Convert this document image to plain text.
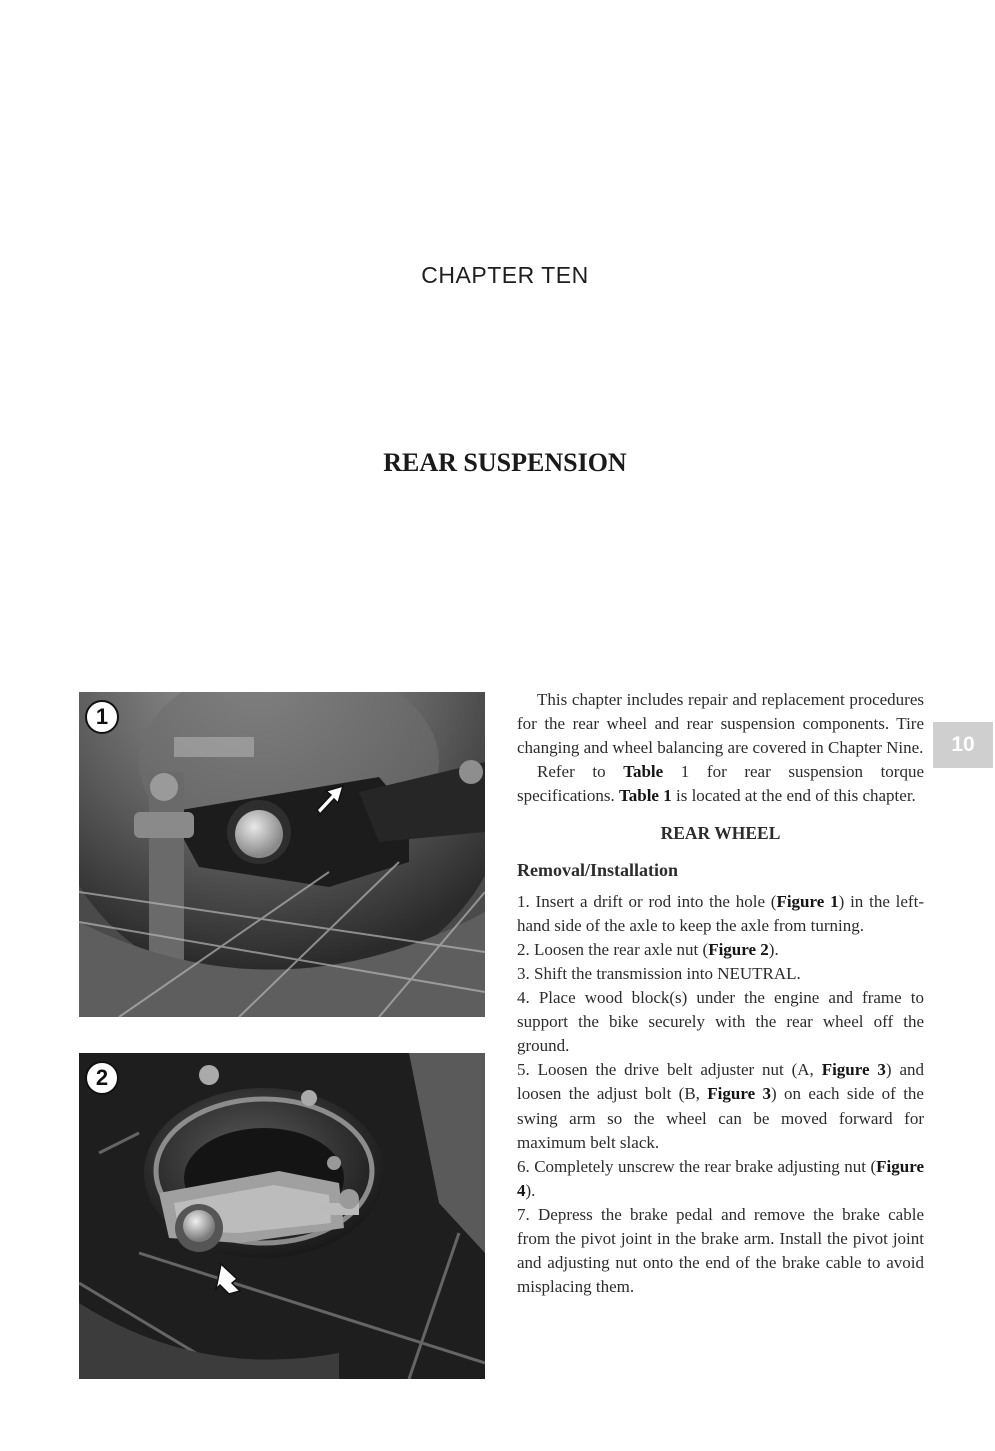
CHAPTER TEN
REAR SUSPENSION
10
1
2

This chapter includes repair and replacement procedures for the rear wheel and rear suspension components. Tire changing and wheel balancing are covered in Chapter Nine.

Refer to Table 1 for rear suspension torque specifications. Table 1 is located at the end of this chapter.

REAR WHEEL
Removal/Installation

1. Insert a drift or rod into the hole (Figure 1) in the left-hand side of the axle to keep the axle from turning.

2. Loosen the rear axle nut (Figure 2).

3. Shift the transmission into NEUTRAL.

4. Place wood block(s) under the engine and frame to support the bike securely with the rear wheel off the ground.

5. Loosen the drive belt adjuster nut (A, Figure 3) and loosen the adjust bolt (B, Figure 3) on each side of the swing arm so the wheel can be moved forward for maximum belt slack.

6. Completely unscrew the rear brake adjusting nut (Figure 4).

7. Depress the brake pedal and remove the brake cable from the pivot joint in the brake arm. Install the pivot joint and adjusting nut onto the end of the brake cable to avoid misplacing them.
